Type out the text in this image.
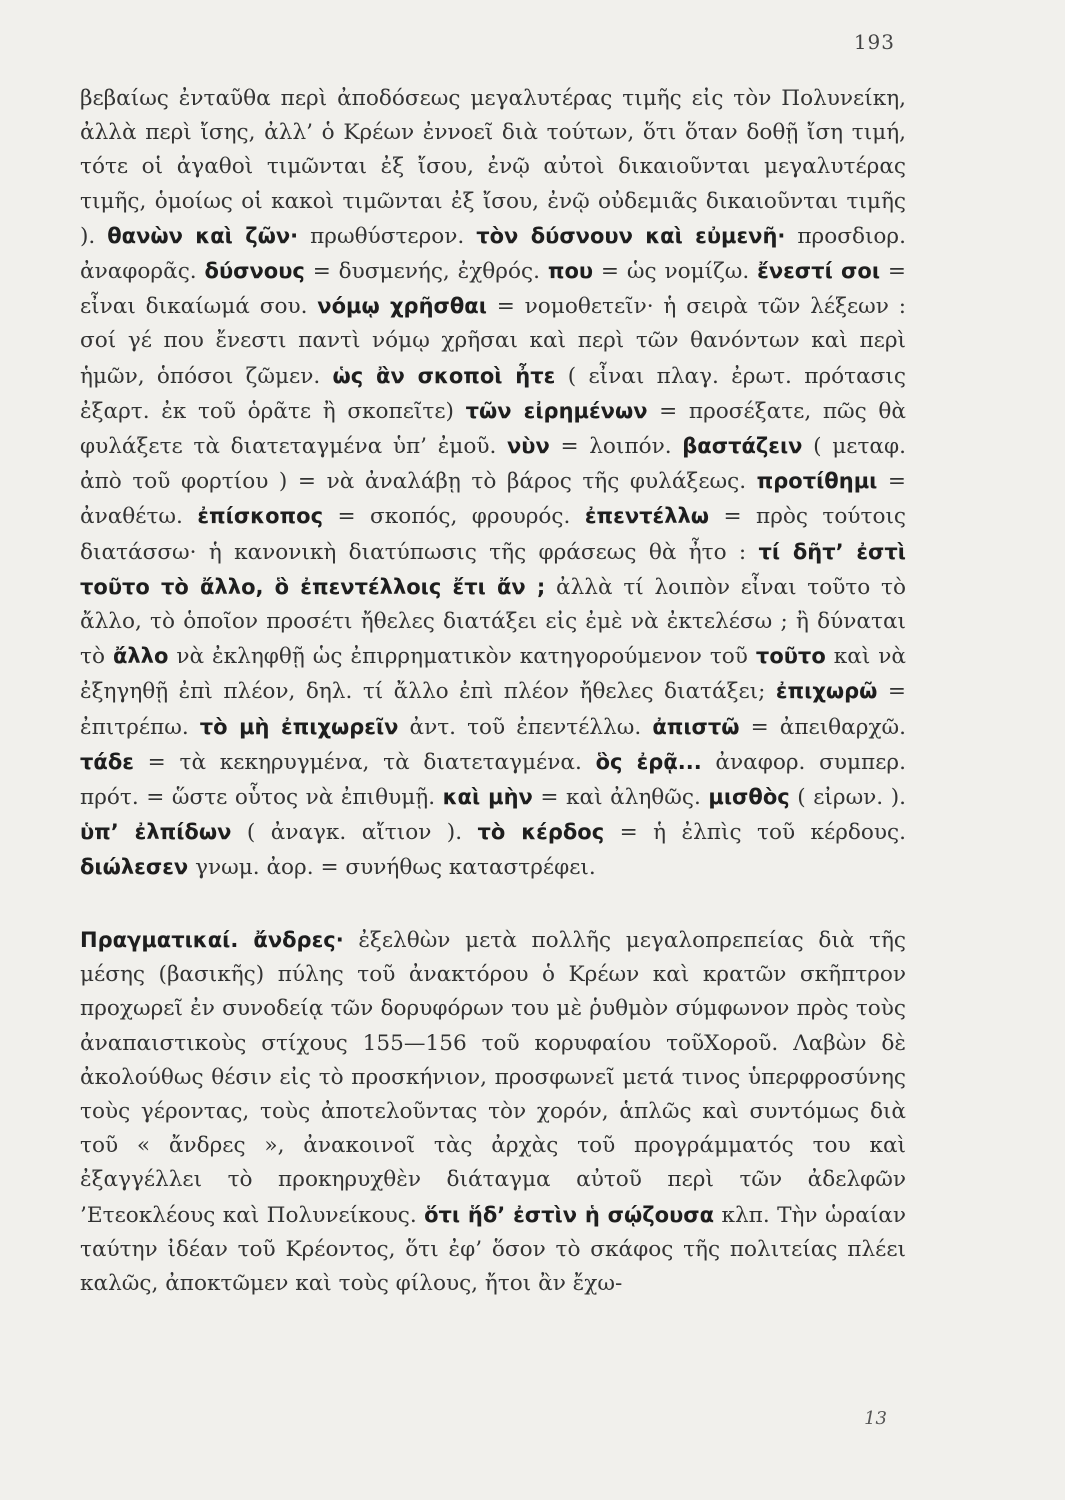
193

βεβαίως ἐνταῦθα περὶ ἀποδόσεως μεγαλυτέρας τιμῆς εἰς τὸν Πολυνείκη, ἀλλὰ περὶ ἴσης, ἀλλ’ ὁ Κρέων ἐννοεῖ διὰ τούτων, ὅτι ὅταν δοθῇ ἴση τιμή, τότε οἱ ἀγαθοὶ τιμῶνται ἐξ ἴσου, ἐνῷ αὐτοὶ δικαιοῦνται μεγαλυτέρας τιμῆς, ὁμοίως οἱ κακοὶ τιμῶνται ἐξ ἴσου, ἐνῷ οὐδεμιᾶς δικαιοῦνται τιμῆς ). θανὼν καὶ ζῶν· πρωθύστερον. τὸν δύσνουν καὶ εὐμενῆ· προσδιορ. ἀναφορᾶς. δύσνους = δυσμενής, ἐχθρός. που = ὡς νομίζω. ἔνεστί σοι = εἶναι δικαίωμά σου. νόμῳ χρῆσθαι = νομοθετεῖν· ἡ σειρὰ τῶν λέξεων : σοί γέ που ἔνεστι παντὶ νόμῳ χρῆσαι καὶ περὶ τῶν θανόντων καὶ περὶ ἡμῶν, ὁπόσοι ζῶμεν. ὡς ἂν σκοποὶ ἦτε ( εἶναι πλαγ. ἐρωτ. πρότασις ἐξαρτ. ἐκ τοῦ ὁρᾶτε ἢ σκοπεῖτε) τῶν εἰρημένων = προσέξατε, πῶς θὰ φυλάξετε τὰ διατεταγμένα ὑπ’ ἐμοῦ. νὺν = λοιπόν. βαστάζειν ( μεταφ. ἀπὸ τοῦ φορτίου ) = νὰ ἀναλάβῃ τὸ βάρος τῆς φυλάξεως. προτίθημι = ἀναθέτω. ἐπίσκοπος = σκοπός, φρουρός. ἐπεντέλλω = πρὸς τούτοις διατάσσω· ἡ κανονικὴ διατύπωσις τῆς φράσεως θὰ ἦτο : τί δῆτ’ ἐστὶ τοῦτο τὸ ἄλλο, ὃ ἐπεντέλλοις ἔτι ἄν ; ἀλλὰ τί λοιπὸν εἶναι τοῦτο τὸ ἄλλο, τὸ ὁποῖον προσέτι ἤθελες διατάξει εἰς ἐμὲ νὰ ἐκτελέσω ; ἢ δύναται τὸ ἄλλο νὰ ἐκληφθῇ ὡς ἐπιρρηματικὸν κατηγορούμενον τοῦ τοῦτο καὶ νὰ ἐξηγηθῇ ἐπὶ πλέον, δηλ. τί ἄλλο ἐπὶ πλέον ἤθελες διατάξει; ἐπιχωρῶ = ἐπιτρέπω. τὸ μὴ ἐπιχωρεῖν ἀντ. τοῦ ἐπεντέλλω. ἀπιστῶ = ἀπειθαρχῶ. τάδε = τὰ κεκηρυγμένα, τὰ διατεταγμένα. ὃς ἐρᾷ... ἀναφορ. συμπερ. πρότ. = ὥστε οὗτος νὰ ἐπιθυμῇ. καὶ μὴν = καὶ ἀληθῶς. μισθὸς ( εἰρων. ). ὑπ’ ἐλπίδων ( ἀναγκ. αἴτιον ). τὸ κέρδος = ἡ ἐλπὶς τοῦ κέρδους. διώλεσεν γνωμ. ἀορ. = συνήθως καταστρέφει.

Πραγματικαί. ἄνδρες· ἐξελθὼν μετὰ πολλῆς μεγαλοπρεπείας διὰ τῆς μέσης (βασικῆς) πύλης τοῦ ἀνακτόρου ὁ Κρέων καὶ κρατῶν σκῆπτρον προχωρεῖ ἐν συνοδείᾳ τῶν δορυφόρων του μὲ ῥυθμὸν σύμφωνον πρὸς τοὺς ἀναπαιστικοὺς στίχους 155—156 τοῦ κορυφαίου τοῦΧοροῦ. Λαβὼν δὲ ἀκολούθως θέσιν εἰς τὸ προσκήνιον, προσφωνεῖ μετά τινος ὑπερφροσύνης τοὺς γέροντας, τοὺς ἀποτελοῦντας τὸν χορόν, ἁπλῶς καὶ συντόμως διὰ τοῦ « ἄνδρες », ἀνακοινοῖ τὰς ἀρχὰς τοῦ προγράμματός του καὶ ἐξαγγέλλει τὸ προκηρυχθὲν διάταγμα αὐτοῦ περὶ τῶν ἀδελφῶν ’Ετεοκλέους καὶ Πολυνείκους. ὅτι ἥδ’ ἐστὶν ἡ σῴζουσα κλπ. Τὴν ὡραίαν ταύτην ἰδέαν τοῦ Κρέοντος, ὅτι ἐφ’ ὅσον τὸ σκάφος τῆς πολιτείας πλέει καλῶς, ἀποκτῶμεν καὶ τοὺς φίλους, ἤτοι ἂν ἔχω-

13
